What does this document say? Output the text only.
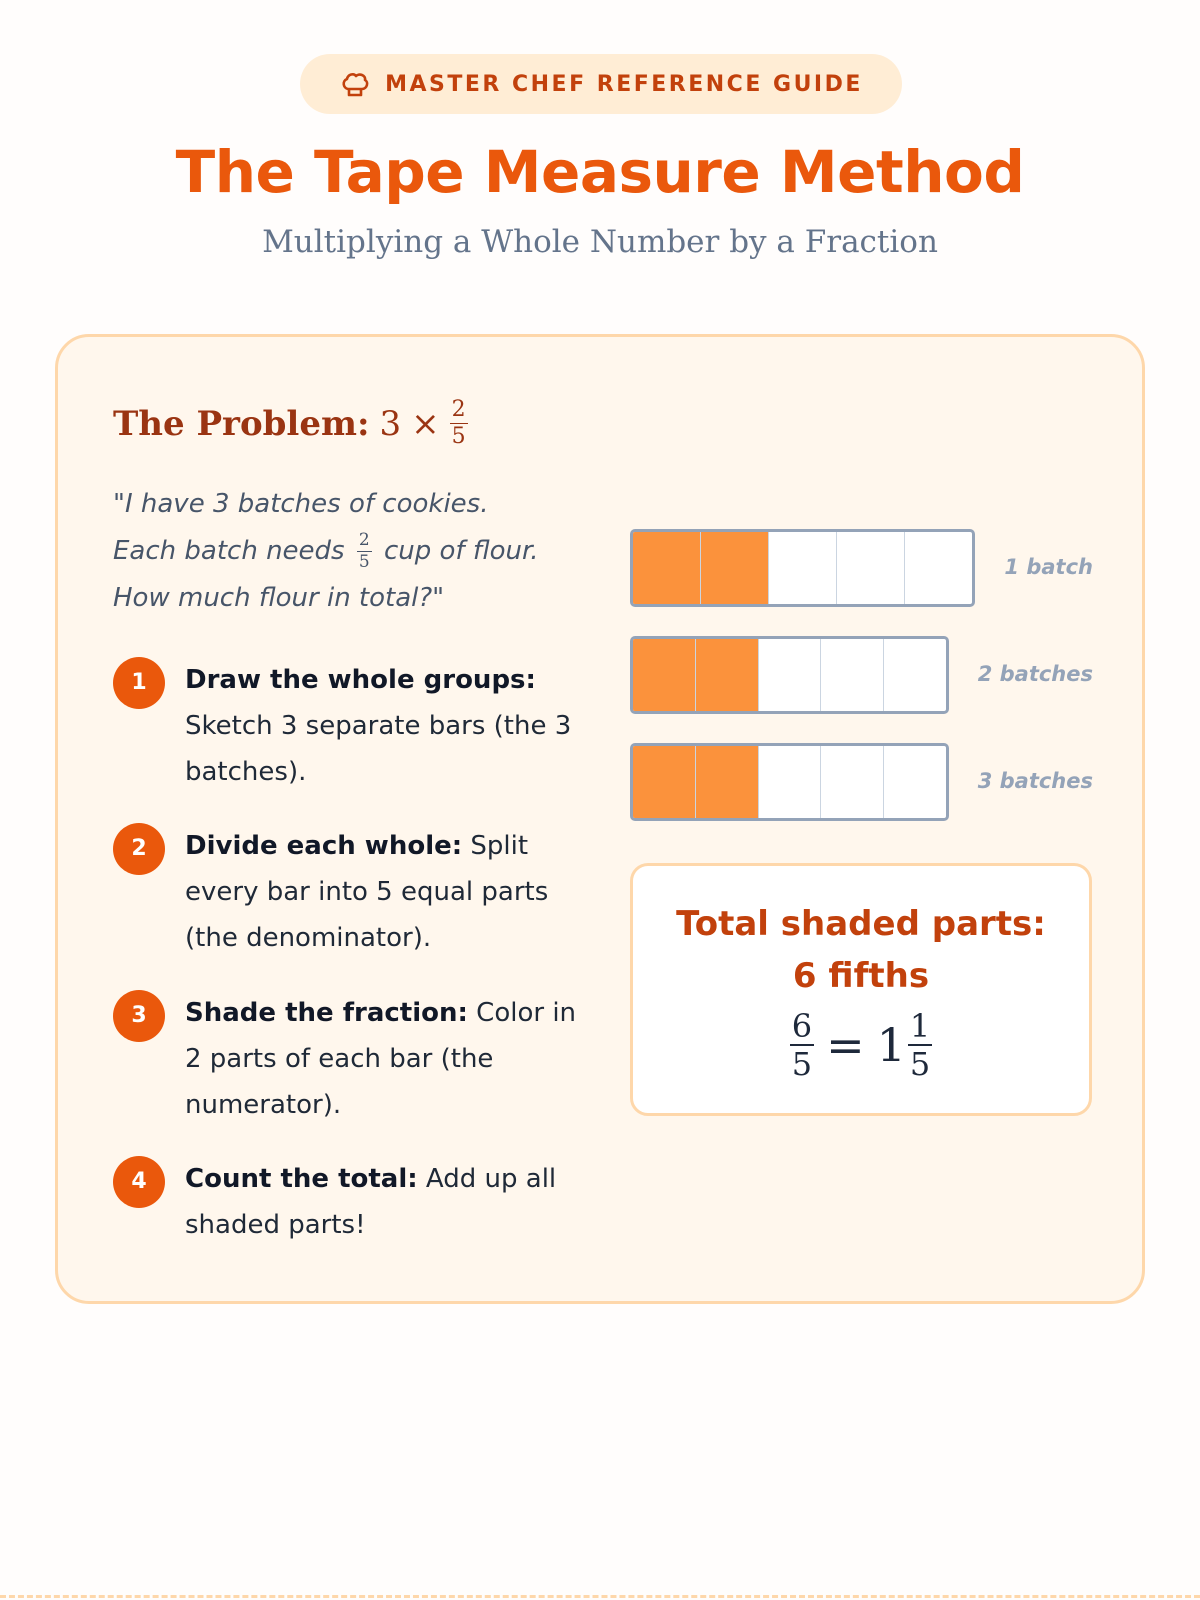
MASTER CHEF REFERENCE GUIDE
The Tape Measure Method

Multiplying a Whole Number by a Fraction

The Problem: $3 \times \frac{2}{5}$
"I have 3 batches of cookies.
Each batch needs $\frac{2}{5}$ cup of flour.
How much flour in total?"
1	Draw the whole groups: Sketch 3 separate bars (the 3 batches).
2	Divide each whole: Split every bar into 5 equal parts (the denominator).
3	Shade the fraction: Color in 2 parts of each bar (the numerator).
4	Count the total: Add up all shaded parts!
1 batch
2 batches
3 batches
Total shaded parts:
6 fifths
$\frac{6}{5} = 1 \frac{1}{5}$
